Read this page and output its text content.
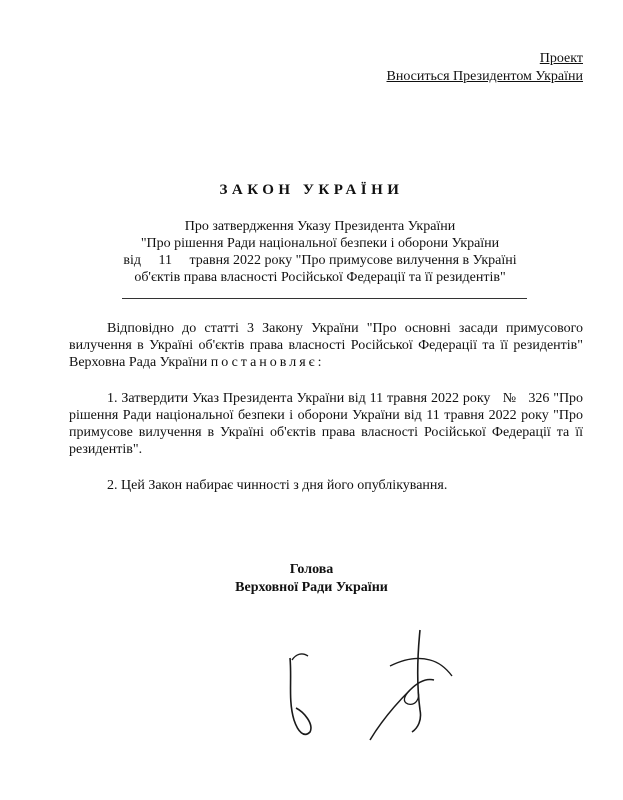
Проект
Вноситься Президентом України
ЗАКОН УКРАЇНИ
Про затвердження Указу Президента України
"Про рішення Ради національної безпеки і оборони України
від 11 травня 2022 року "Про примусове вилучення в Україні
об'єктів права власності Російської Федерації та її резидентів"

Відповідно до статті 3 Закону України "Про основні засади примусового вилучення в Україні об'єктів права власності Російської Федерації та її резидентів" Верховна Рада України постановляє:

1. Затвердити Указ Президента України від 11 травня 2022 року № 326 "Про рішення Ради національної безпеки і оборони України від 11 травня 2022 року "Про примусове вилучення в Україні об'єктів права власності Російської Федерації та її резидентів".

2. Цей Закон набирає чинності з дня його опублікування.

Голова
Верховної Ради України
